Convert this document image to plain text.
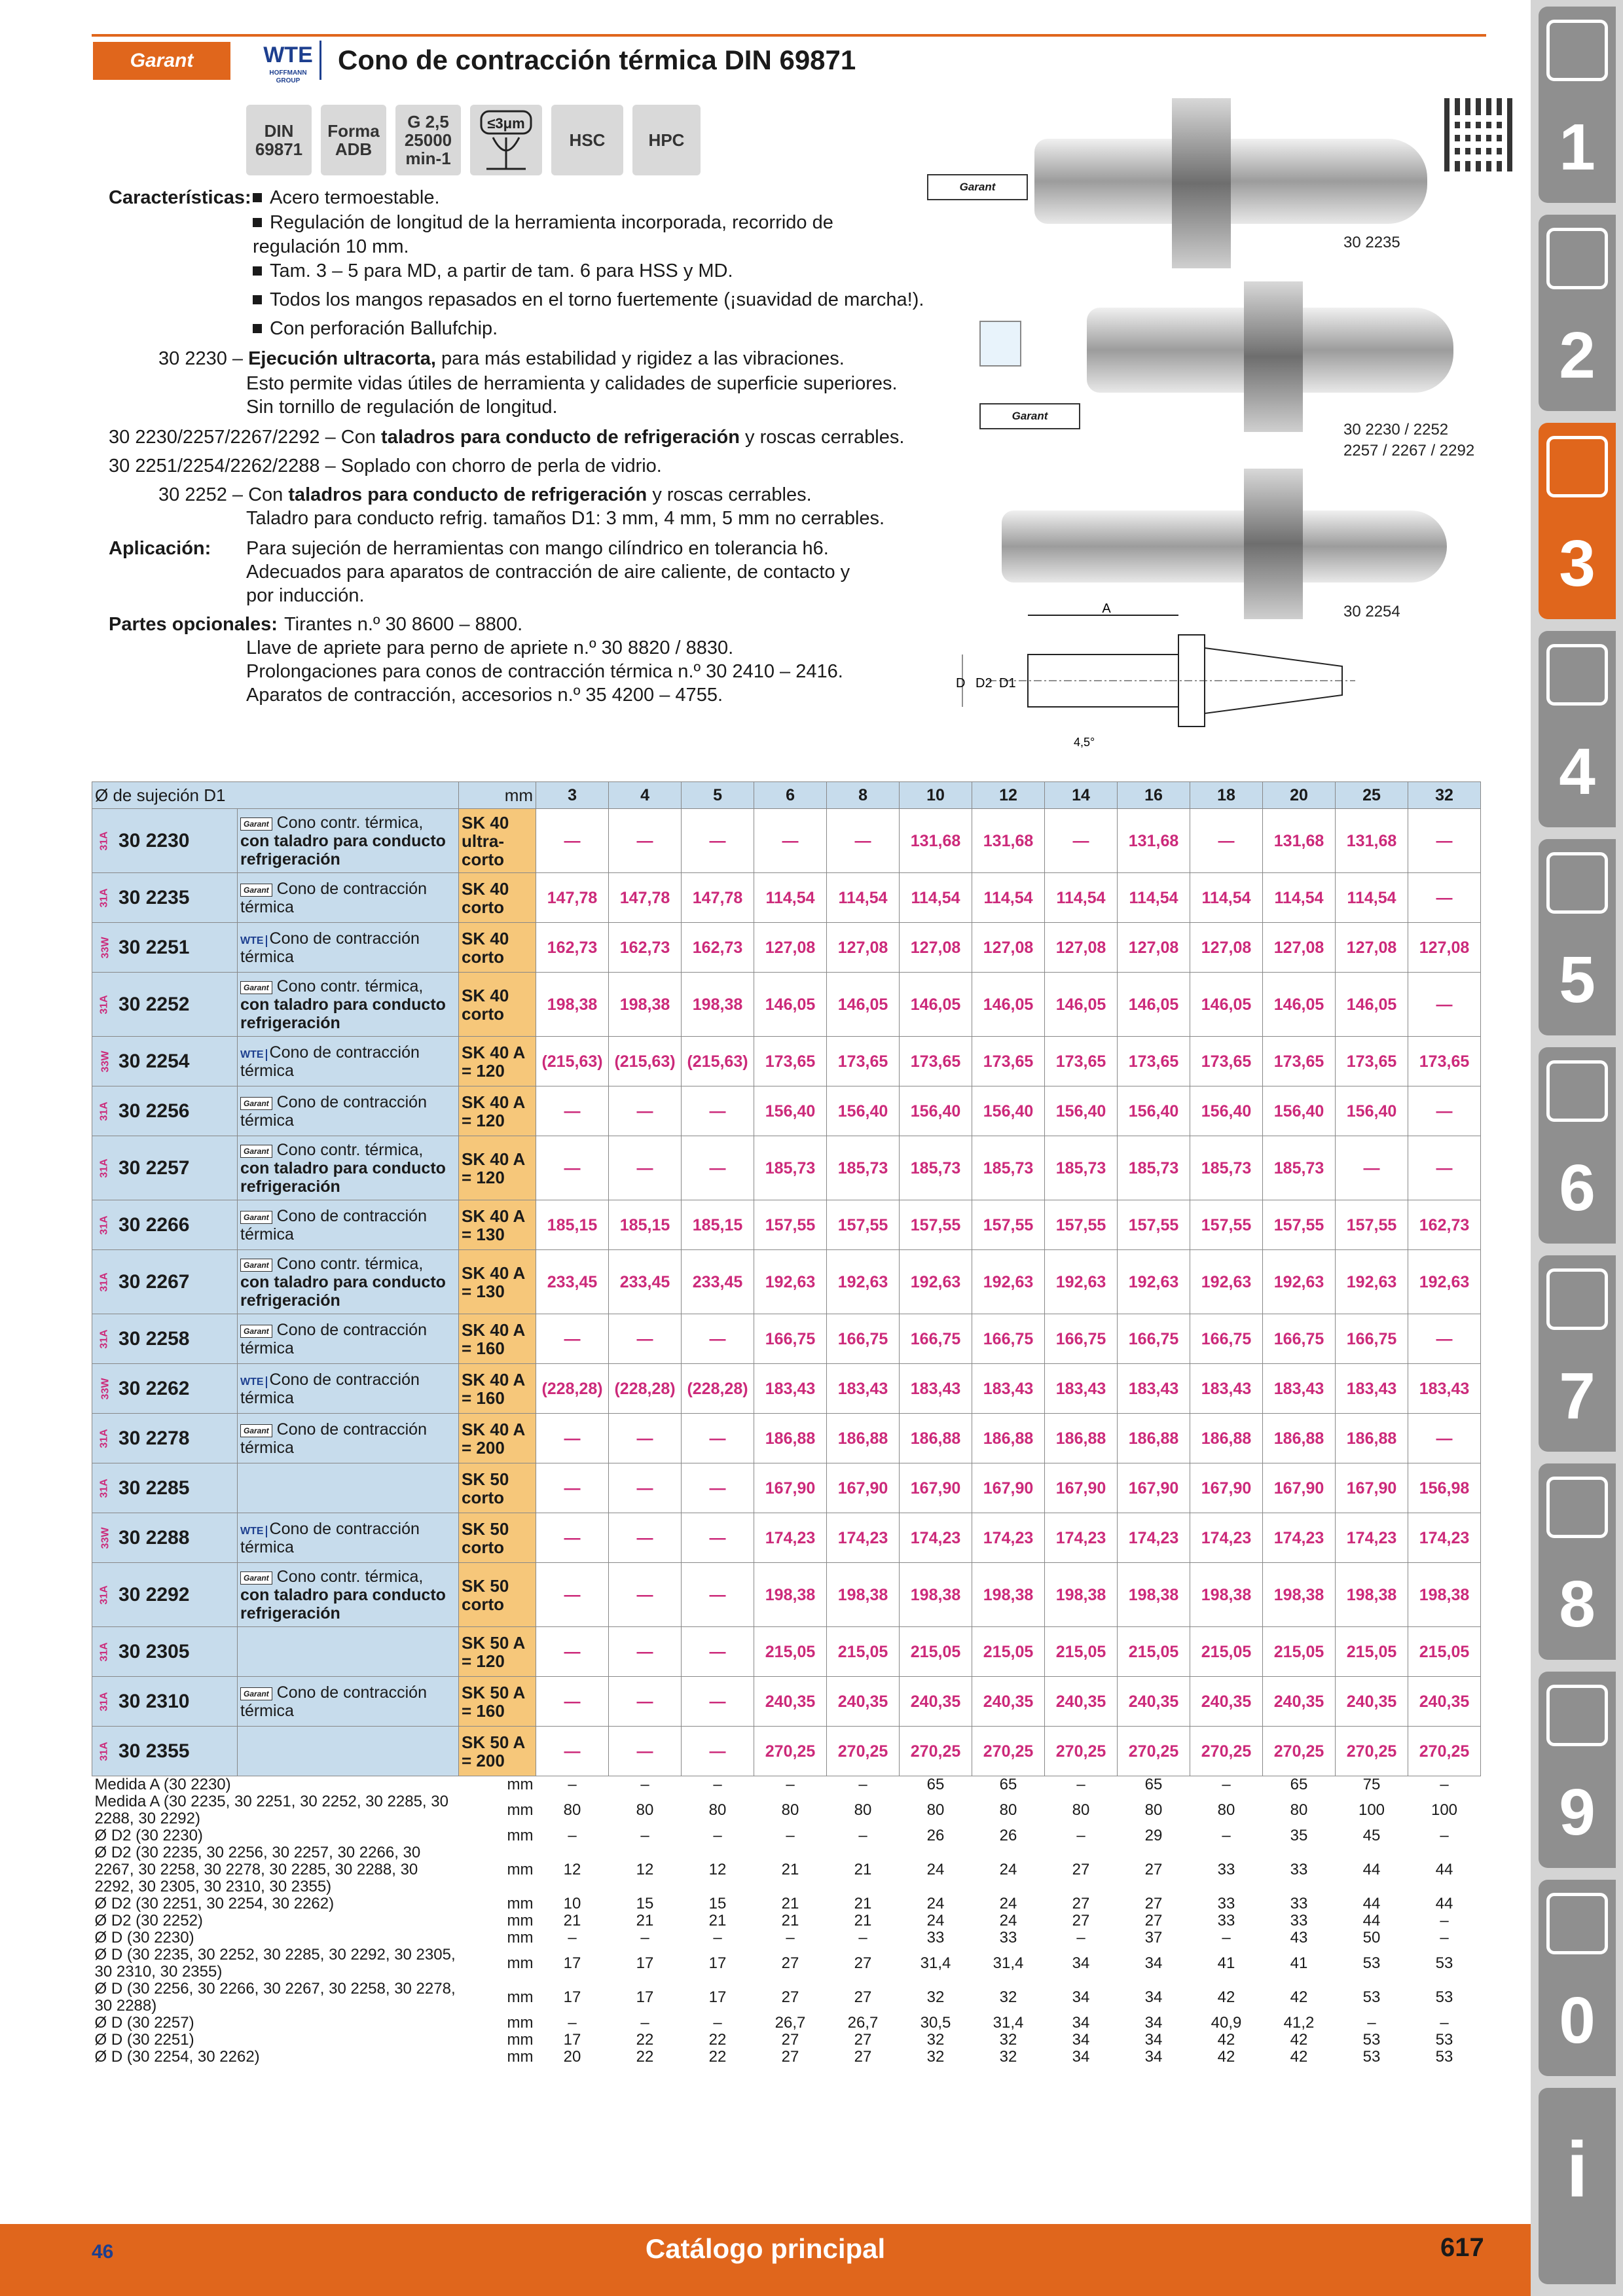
Garant	WTE
HOFFMANN GROUP
Cono de contracción térmica DIN 69871
DIN
69871
Forma
ADB
G 2,5
25000
min-1
≤3μm
HSC	HPC
Características: Acero termoestable.
Regulación de longitud de la herramienta incorporada, recorrido de regulación 10 mm.
Tam. 3 – 5 para MD, a partir de tam. 6 para HSS y MD.
Todos los mangos repasados en el torno fuertemente (¡suavidad de marcha!).
Con perforación Ballufchip.
30 2230 – Ejecución ultracorta, para más estabilidad y rigidez a las vibraciones.
Esto permite vidas útiles de herramienta y calidades de superficie superiores.
Sin tornillo de regulación de longitud.
30 2230/2257/2267/2292 – Con taladros para conducto de refrigeración y roscas cerrables.
30 2251/2254/2262/2288 – Soplado con chorro de perla de vidrio.
30 2252 – Con taladros para conducto de refrigeración y roscas cerrables.
Taladro para conducto refrig. tamaños D1: 3 mm, 4 mm, 5 mm no cerrables.
Aplicación: Para sujeción de herramientas con mango cilíndrico en tolerancia h6.
Adecuados para aparatos de contracción de aire caliente, de contacto y
por inducción.
Partes opcionales: Tirantes n.º 30 8600 – 8800.
Llave de apriete para perno de apriete n.º 30 8820 / 8830.
Prolongaciones para conos de contracción térmica n.º 30 2410 – 2416.
Aparatos de contracción, accesorios n.º 35 4200 – 4755.
Garant
30 2235
Garant
30 2230 / 2252
2257 / 2267 / 2292
30 2254
A
D D2 D1
4,5°
Ø de sujeción D1		mm	3	4	5	6	8	10	12	14	16	18	20	25	32

31A 30 2230	Garant Cono contr. térmica, con taladro para conducto refrigeración	SK 40 ultra-corto	—	—	—	—	—	131,68	131,68	—	131,68	—	131,68	131,68	—

31A 30 2235	Garant Cono de contracción térmica	SK 40 corto	147,78	147,78	147,78	114,54	114,54	114,54	114,54	114,54	114,54	114,54	114,54	114,54	—

33W 30 2251	WTE Cono de contracción térmica	SK 40 corto	162,73	162,73	162,73	127,08	127,08	127,08	127,08	127,08	127,08	127,08	127,08	127,08	127,08

31A 30 2252	Garant Cono contr. térmica, con taladro para conducto refrigeración	SK 40 corto	198,38	198,38	198,38	146,05	146,05	146,05	146,05	146,05	146,05	146,05	146,05	146,05	—

33W 30 2254	WTE Cono de contracción térmica	SK 40 A = 120	(215,63)	(215,63)	(215,63)	173,65	173,65	173,65	173,65	173,65	173,65	173,65	173,65	173,65	173,65

31A 30 2256	Garant Cono de contracción térmica	SK 40 A = 120	—	—	—	156,40	156,40	156,40	156,40	156,40	156,40	156,40	156,40	156,40	—

31A 30 2257	Garant Cono contr. térmica, con taladro para conducto refrigeración	SK 40 A = 120	—	—	—	185,73	185,73	185,73	185,73	185,73	185,73	185,73	185,73	—	—

31A 30 2266	Garant Cono de contracción térmica	SK 40 A = 130	185,15	185,15	185,15	157,55	157,55	157,55	157,55	157,55	157,55	157,55	157,55	157,55	162,73

31A 30 2267	Garant Cono contr. térmica, con taladro para conducto refrigeración	SK 40 A = 130	233,45	233,45	233,45	192,63	192,63	192,63	192,63	192,63	192,63	192,63	192,63	192,63	192,63

31A 30 2258	Garant Cono de contracción térmica	SK 40 A = 160	—	—	—	166,75	166,75	166,75	166,75	166,75	166,75	166,75	166,75	166,75	—

33W 30 2262	WTE Cono de contracción térmica	SK 40 A = 160	(228,28)	(228,28)	(228,28)	183,43	183,43	183,43	183,43	183,43	183,43	183,43	183,43	183,43	183,43

31A 30 2278	Garant Cono de contracción térmica	SK 40 A = 200	—	—	—	186,88	186,88	186,88	186,88	186,88	186,88	186,88	186,88	186,88	—

31A 30 2285		SK 50 corto	—	—	—	167,90	167,90	167,90	167,90	167,90	167,90	167,90	167,90	167,90	156,98

33W 30 2288	WTE Cono de contracción térmica	SK 50 corto	—	—	—	174,23	174,23	174,23	174,23	174,23	174,23	174,23	174,23	174,23	174,23

31A 30 2292	Garant Cono contr. térmica, con taladro para conducto refrigeración	SK 50 corto	—	—	—	198,38	198,38	198,38	198,38	198,38	198,38	198,38	198,38	198,38	198,38

31A 30 2305		SK 50 A = 120	—	—	—	215,05	215,05	215,05	215,05	215,05	215,05	215,05	215,05	215,05	215,05

31A 30 2310	Garant Cono de contracción térmica	SK 50 A = 160	—	—	—	240,35	240,35	240,35	240,35	240,35	240,35	240,35	240,35	240,35	240,35

31A 30 2355		SK 50 A = 200	—	—	—	270,25	270,25	270,25	270,25	270,25	270,25	270,25	270,25	270,25	270,25
Medida A (30 2230)		mm	–	–	–	–	–	65	65	–	65	–	65	75	–
Medida A (30 2235, 30 2251, 30 2252, 30 2285, 30 2288, 30 2292)		mm	80	80	80	80	80	80	80	80	80	80	80	100	100
Ø D2 (30 2230)		mm	–	–	–	–	–	26	26	–	29	–	35	45	–
Ø D2 (30 2235, 30 2256, 30 2257, 30 2266, 30 2267, 30 2258, 30 2278, 30 2285, 30 2288, 30 2292, 30 2305, 30 2310, 30 2355)		mm	12	12	12	21	21	24	24	27	27	33	33	44	44
Ø D2 (30 2251, 30 2254, 30 2262)		mm	10	15	15	21	21	24	24	27	27	33	33	44	44
Ø D2 (30 2252)		mm	21	21	21	21	21	24	24	27	27	33	33	44	–
Ø D (30 2230)		mm	–	–	–	–	–	33	33	–	37	–	43	50	–
Ø D (30 2235, 30 2252, 30 2285, 30 2292, 30 2305, 30 2310, 30 2355)		mm	17	17	17	27	27	31,4	31,4	34	34	41	41	53	53
Ø D (30 2256, 30 2266, 30 2267, 30 2258, 30 2278, 30 2288)		mm	17	17	17	27	27	32	32	34	34	42	42	53	53
Ø D (30 2257)		mm	–	–	–	26,7	26,7	30,5	31,4	34	34	40,9	41,2	–	–
Ø D (30 2251)		mm	17	22	22	27	27	32	32	34	34	42	42	53	53
Ø D (30 2254, 30 2262)		mm	20	22	22	27	27	32	32	34	34	42	42	53	53
1
2
3
4
5
6
7
8
9
0
i
46	Catálogo principal	617
